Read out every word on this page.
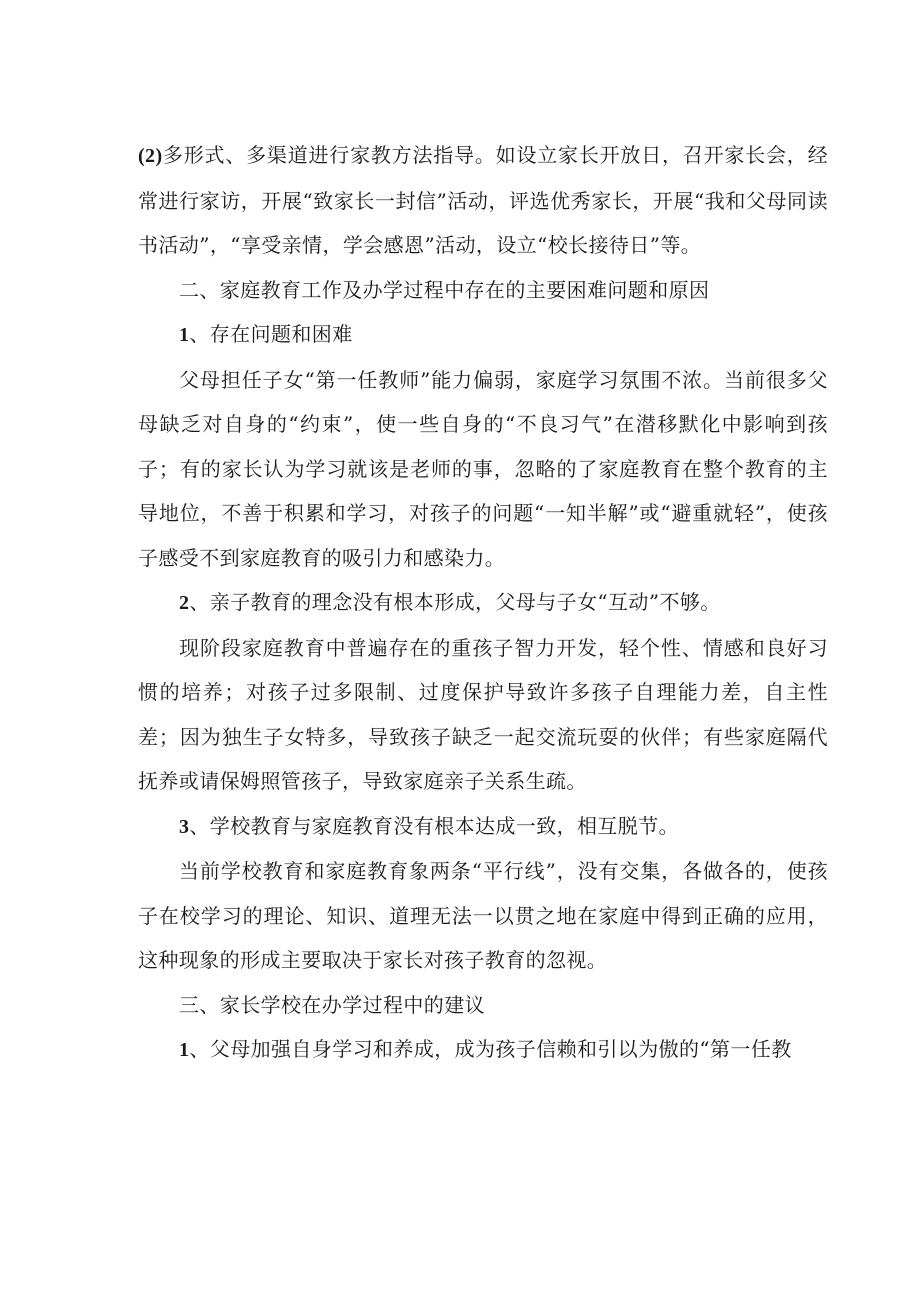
(2)多形式、多渠道进行家教方法指导。如设立家长开放日，召开家长会，经常进行家访，开展“致家长一封信”活动，评选优秀家长，开展“我和父母同读书活动”，“享受亲情，学会感恩”活动，设立“校长接待日”等。

二、家庭教育工作及办学过程中存在的主要困难问题和原因

1、存在问题和困难

父母担任子女“第一任教师”能力偏弱，家庭学习氛围不浓。当前很多父母缺乏对自身的“约束”，使一些自身的“不良习气”在潜移默化中影响到孩子；有的家长认为学习就该是老师的事，忽略的了家庭教育在整个教育的主导地位，不善于积累和学习，对孩子的问题“一知半解”或“避重就轻”，使孩子感受不到家庭教育的吸引力和感染力。

2、亲子教育的理念没有根本形成，父母与子女“互动”不够。

现阶段家庭教育中普遍存在的重孩子智力开发，轻个性、情感和良好习惯的培养；对孩子过多限制、过度保护导致许多孩子自理能力差，自主性差；因为独生子女特多，导致孩子缺乏一起交流玩耍的伙伴；有些家庭隔代抚养或请保姆照管孩子，导致家庭亲子关系生疏。

3、学校教育与家庭教育没有根本达成一致，相互脱节。

当前学校教育和家庭教育象两条“平行线”，没有交集，各做各的，使孩子在校学习的理论、知识、道理无法一以贯之地在家庭中得到正确的应用，这种现象的形成主要取决于家长对孩子教育的忽视。

三、家长学校在办学过程中的建议

1、父母加强自身学习和养成，成为孩子信赖和引以为傲的“第一任教
